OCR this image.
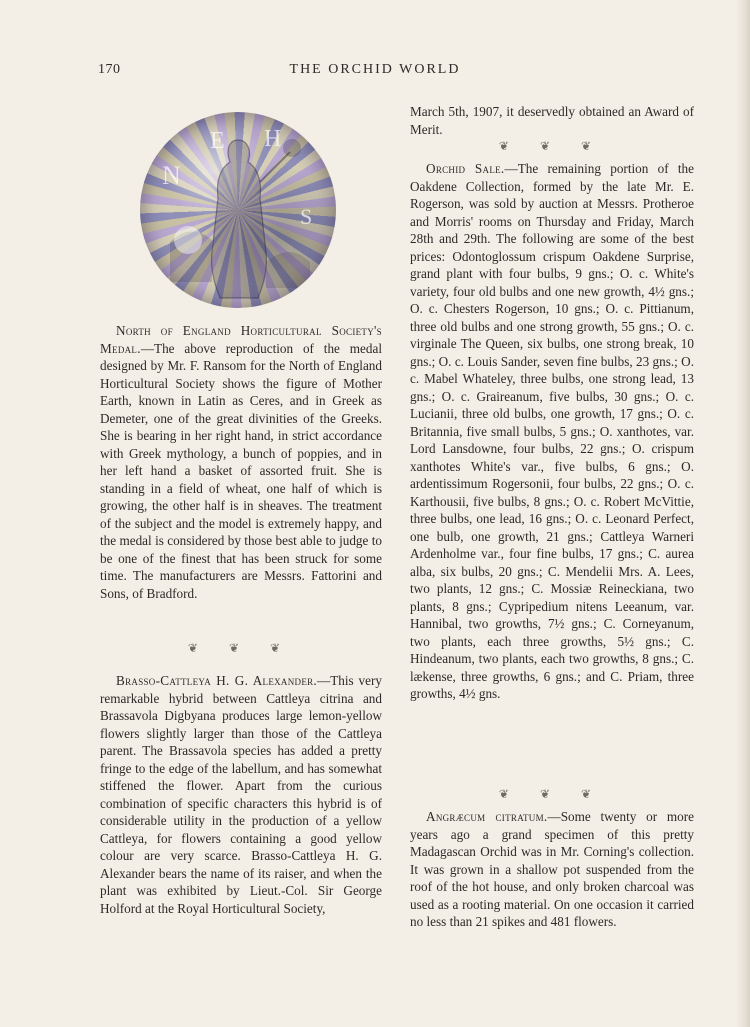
170	THE ORCHID WORLD
N
E H
S

North of England Horticultural Society's Medal.—The above reproduction of the medal designed by Mr. F. Ransom for the North of England Horticultural Society shows the figure of Mother Earth, known in Latin as Ceres, and in Greek as Demeter, one of the great divinities of the Greeks. She is bearing in her right hand, in strict accordance with Greek mythology, a bunch of poppies, and in her left hand a basket of assorted fruit. She is standing in a field of wheat, one half of which is growing, the other half is in sheaves. The treatment of the subject and the model is extremely happy, and the medal is considered by those best able to judge to be one of the finest that has been struck for some time. The manufacturers are Messrs. Fattorini and Sons, of Bradford.

❦ ❦ ❦

Brasso-Cattleya H. G. Alexander.—This very remarkable hybrid between Cattleya citrina and Brassavola Digbyana produces large lemon-yellow flowers slightly larger than those of the Cattleya parent. The Brassavola species has added a pretty fringe to the edge of the labellum, and has somewhat stiffened the flower. Apart from the curious combination of specific characters this hybrid is of considerable utility in the production of a yellow Cattleya, for flowers containing a good yellow colour are very scarce. Brasso-Cattleya H. G. Alexander bears the name of its raiser, and when the plant was exhibited by Lieut.-Col. Sir George Holford at the Royal Horticultural Society,

March 5th, 1907, it deservedly obtained an Award of Merit.

❦ ❦ ❦

Orchid Sale.—The remaining portion of the Oakdene Collection, formed by the late Mr. E. Rogerson, was sold by auction at Messrs. Protheroe and Morris' rooms on Thursday and Friday, March 28th and 29th. The following are some of the best prices: Odontoglossum crispum Oakdene Surprise, grand plant with four bulbs, 9 gns.; O. c. White's variety, four old bulbs and one new growth, 4½ gns.; O. c. Chesters Rogerson, 10 gns.; O. c. Pittianum, three old bulbs and one strong growth, 55 gns.; O. c. virginale The Queen, six bulbs, one strong break, 10 gns.; O. c. Louis Sander, seven fine bulbs, 23 gns.; O. c. Mabel Whateley, three bulbs, one strong lead, 13 gns.; O. c. Graireanum, five bulbs, 30 gns.; O. c. Lucianii, three old bulbs, one growth, 17 gns.; O. c. Britannia, five small bulbs, 5 gns.; O. xanthotes, var. Lord Lansdowne, four bulbs, 22 gns.; O. crispum xanthotes White's var., five bulbs, 6 gns.; O. ardentissimum Rogersonii, four bulbs, 22 gns.; O. c. Karthousii, five bulbs, 8 gns.; O. c. Robert McVittie, three bulbs, one lead, 16 gns.; O. c. Leonard Perfect, one bulb, one growth, 21 gns.; Cattleya Warneri Ardenholme var., four fine bulbs, 17 gns.; C. aurea alba, six bulbs, 20 gns.; C. Mendelii Mrs. A. Lees, two plants, 12 gns.; C. Mossiæ Reineckiana, two plants, 8 gns.; Cypripedium nitens Leeanum, var. Hannibal, two growths, 7½ gns.; C. Corneyanum, two plants, each three growths, 5½ gns.; C. Hindeanum, two plants, each two growths, 8 gns.; C. lækense, three growths, 6 gns.; and C. Priam, three growths, 4½ gns.

❦ ❦ ❦

Angræcum citratum.—Some twenty or more years ago a grand specimen of this pretty Madagascan Orchid was in Mr. Corning's collection. It was grown in a shallow pot suspended from the roof of the hot house, and only broken charcoal was used as a rooting material. On one occasion it carried no less than 21 spikes and 481 flowers.
